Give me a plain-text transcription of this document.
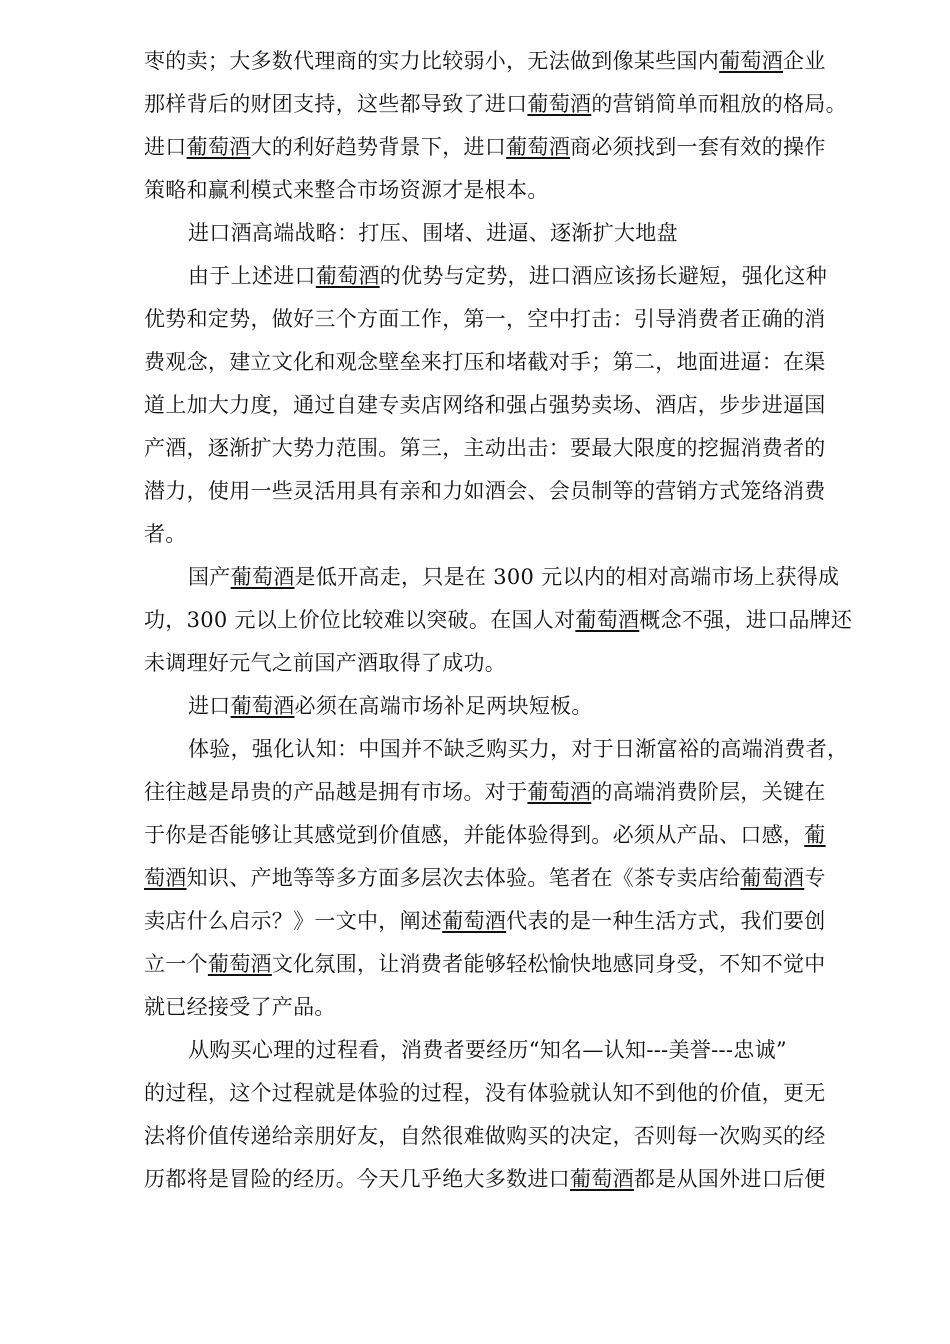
枣的卖；大多数代理商的实力比较弱小，无法做到像某些国内葡萄酒企业
那样背后的财团支持，这些都导致了进口葡萄酒的营销简单而粗放的格局。
进口葡萄酒大的利好趋势背景下，进口葡萄酒商必须找到一套有效的操作
策略和赢利模式来整合市场资源才是根本。
进口酒高端战略：打压、围堵、进逼、逐渐扩大地盘
由于上述进口葡萄酒的优势与定势，进口酒应该扬长避短，强化这种
优势和定势，做好三个方面工作，第一，空中打击：引导消费者正确的消
费观念，建立文化和观念壁垒来打压和堵截对手；第二，地面进逼：在渠
道上加大力度，通过自建专卖店网络和强占强势卖场、酒店，步步进逼国
产酒，逐渐扩大势力范围。第三，主动出击：要最大限度的挖掘消费者的
潜力，使用一些灵活用具有亲和力如酒会、会员制等的营销方式笼络消费
者。
国产葡萄酒是低开高走，只是在 300 元以内的相对高端市场上获得成
功，300 元以上价位比较难以突破。在国人对葡萄酒概念不强，进口品牌还
未调理好元气之前国产酒取得了成功。
进口葡萄酒必须在高端市场补足两块短板。
体验，强化认知：中国并不缺乏购买力，对于日渐富裕的高端消费者，
往往越是昂贵的产品越是拥有市场。对于葡萄酒的高端消费阶层，关键在
于你是否能够让其感觉到价值感，并能体验得到。必须从产品、口感，葡
萄酒知识、产地等等多方面多层次去体验。笔者在《茶专卖店给葡萄酒专
卖店什么启示？》一文中，阐述葡萄酒代表的是一种生活方式，我们要创
立一个葡萄酒文化氛围，让消费者能够轻松愉快地感同身受，不知不觉中
就已经接受了产品。
从购买心理的过程看，消费者要经历“知名—认知---美誉---忠诚”
的过程，这个过程就是体验的过程，没有体验就认知不到他的价值，更无
法将价值传递给亲朋好友，自然很难做购买的决定，否则每一次购买的经
历都将是冒险的经历。今天几乎绝大多数进口葡萄酒都是从国外进口后便
